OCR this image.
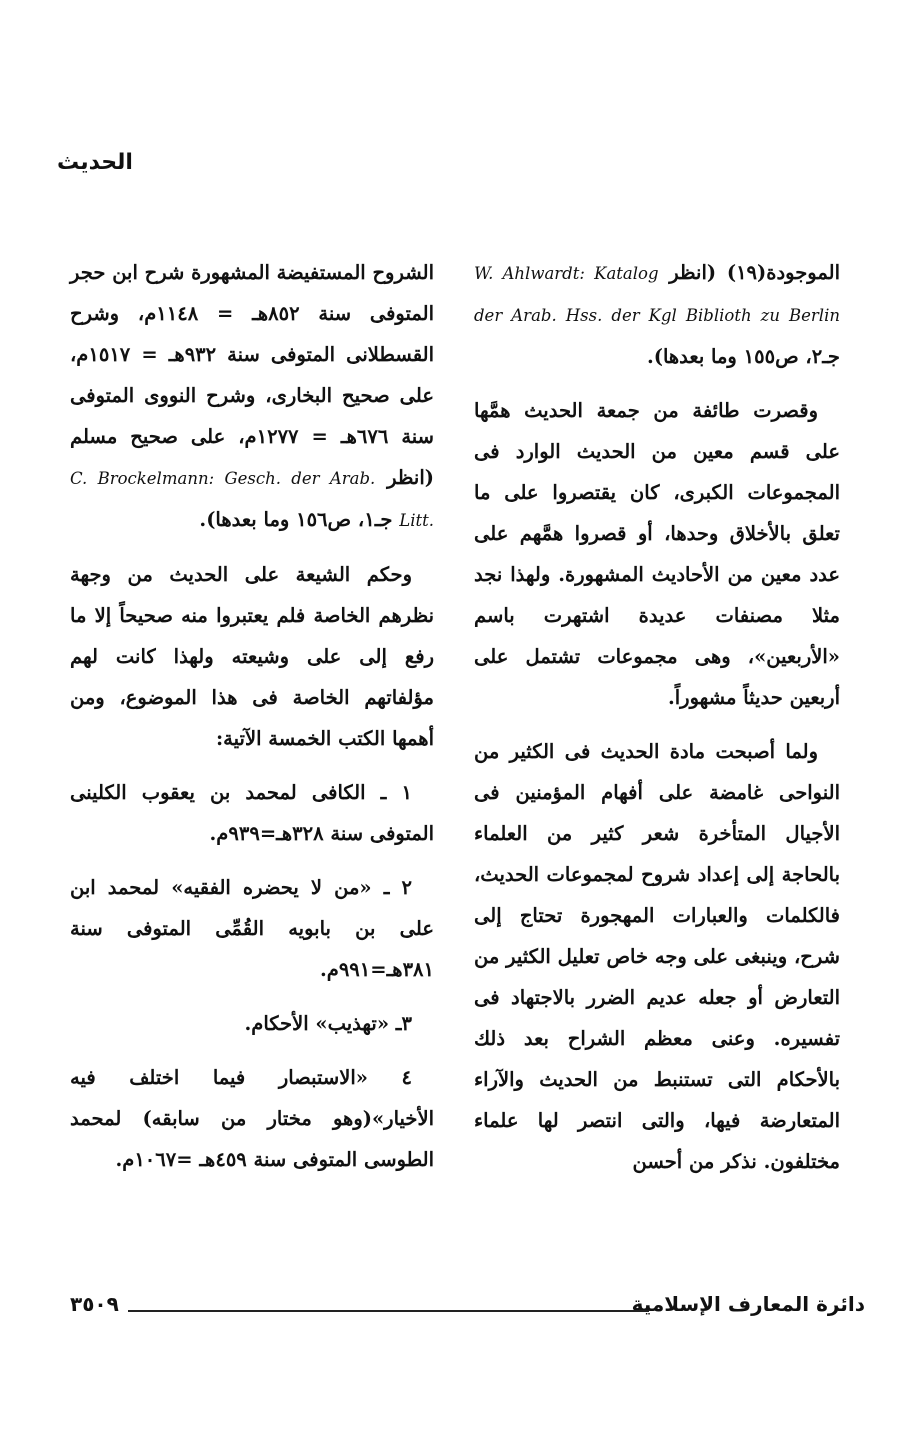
الحديث

الموجودة(١٩) (انظر W. Ahlwardt: Katalog der Arab. Hss. der Kgl Biblioth zu Berlin جـ٢، ص١٥٥ وما بعدها).

وقصرت طائفة من جمعة الحديث همَّها على قسم معين من الحديث الوارد فى المجموعات الكبرى، كان يقتصروا على ما تعلق بالأخلاق وحدها، أو قصروا همَّهم على عدد معين من الأحاديث المشهورة. ولهذا نجد مثلا مصنفات عديدة اشتهرت باسم «الأربعين»، وهى مجموعات تشتمل على أربعين حديثاً مشهوراً.

ولما أصبحت مادة الحديث فى الكثير من النواحى غامضة على أفهام المؤمنين فى الأجيال المتأخرة شعر كثير من العلماء بالحاجة إلى إعداد شروح لمجموعات الحديث، فالكلمات والعبارات المهجورة تحتاج إلى شرح، وينبغى على وجه خاص تعليل الكثير من التعارض أو جعله عديم الضرر بالاجتهاد فى تفسيره. وعنى معظم الشراح بعد ذلك بالأحكام التى تستنبط من الحديث والآراء المتعارضة فيها، والتى انتصر لها علماء مختلفون. نذكر من أحسن

الشروح المستفيضة المشهورة شرح ابن حجر المتوفى سنة ٨٥٢هـ = ١١٤٨م، وشرح القسطلانى المتوفى سنة ٩٣٢هـ = ١٥١٧م، على صحيح البخارى، وشرح النووى المتوفى سنة ٦٧٦هـ = ١٢٧٧م، على صحيح مسلم (انظر C. Brockelmann: Gesch. der Arab. Litt. جـ١، ص١٥٦ وما بعدها).

وحكم الشيعة على الحديث من وجهة نظرهم الخاصة فلم يعتبروا منه صحيحاً إلا ما رفع إلى على وشيعته ولهذا كانت لهم مؤلفاتهم الخاصة فى هذا الموضوع، ومن أهمها الكتب الخمسة الآتية:

١ ـ الكافى لمحمد بن يعقوب الكلينى المتوفى سنة ٣٢٨هـ=٩٣٩م.

٢ ـ «من لا يحضره الفقيه» لمحمد ابن على بن بابويه القُمِّى المتوفى سنة ٣٨١هـ=٩٩١م.

٣ـ «تهذيب» الأحكام.

٤ «الاستبصار فيما اختلف فيه الأخيار»(وهو مختار من سابقه) لمحمد الطوسى المتوفى سنة ٤٥٩هـ =١٠٦٧م.

دائرة المعارف الإسلامية
٣٥٠٩
